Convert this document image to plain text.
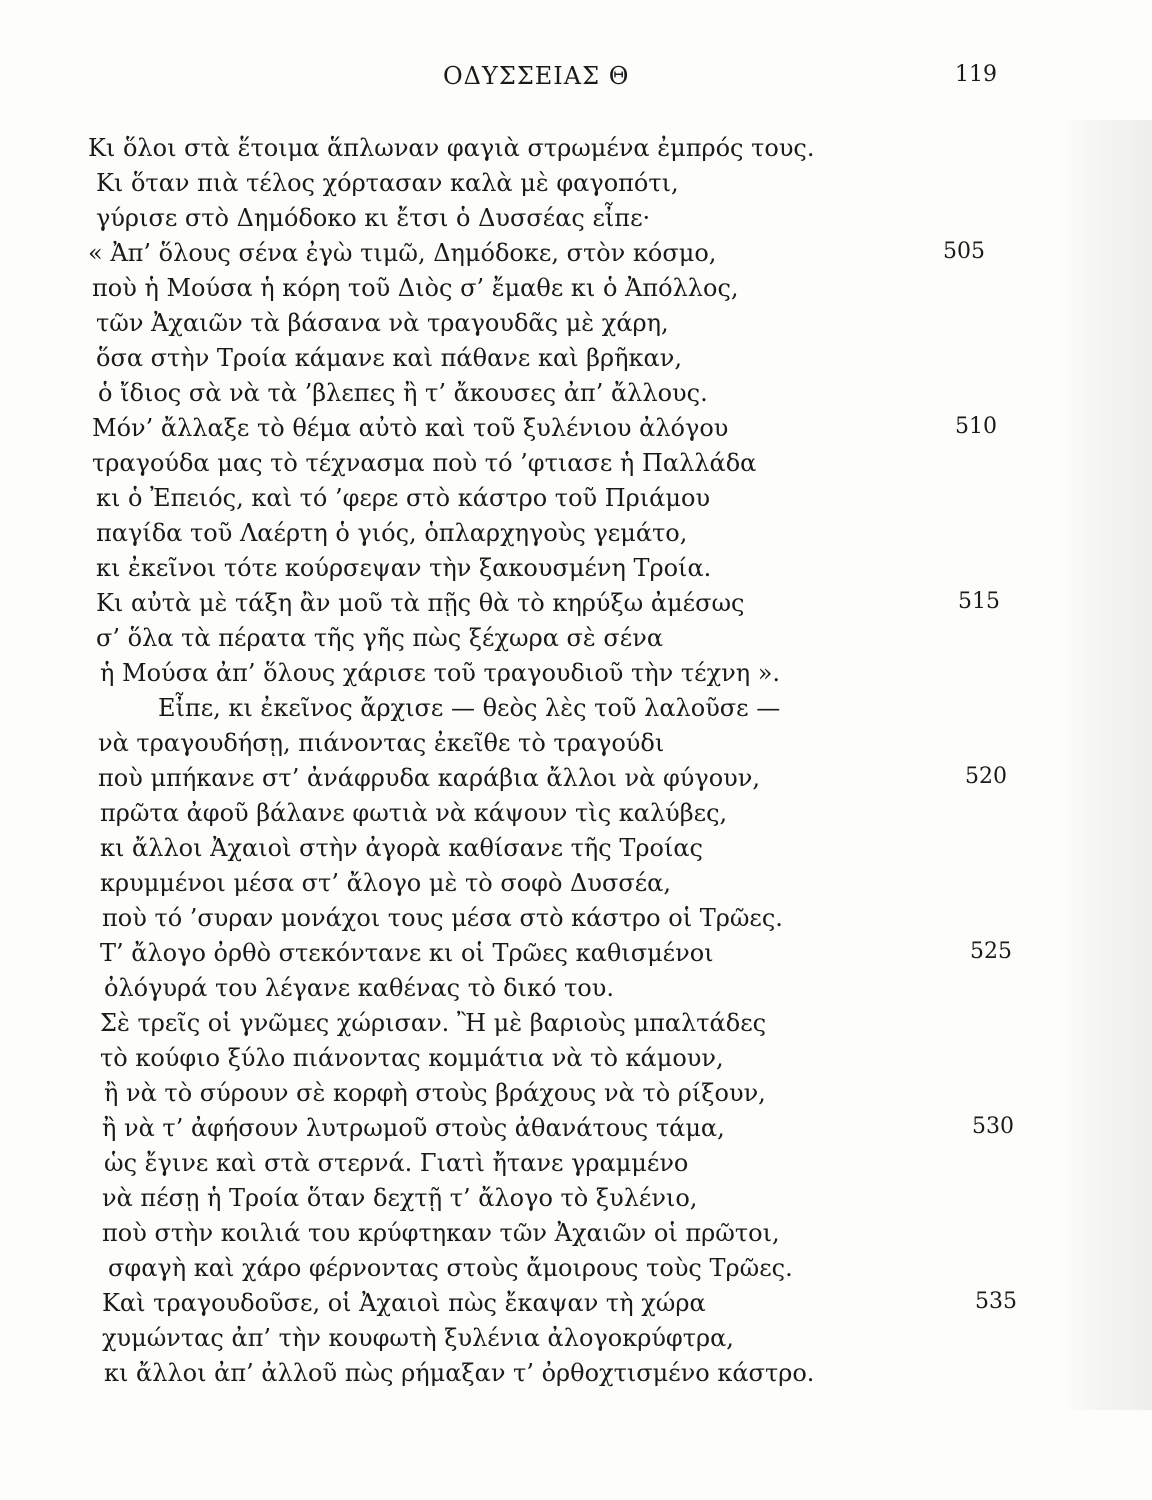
ΟΔΥΣΣΕΙΑΣ Θ	119
Κι ὅλοι στὰ ἕτοιμα ἅπλωναν φαγιὰ στρωμένα ἐμπρός τους.
Κι ὅταν πιὰ τέλος χόρτασαν καλὰ μὲ φαγοπότι,
γύρισε στὸ Δημόδοκο κι ἔτσι ὁ Δυσσέας εἶπε·
« Ἀπ’ ὅλους σένα ἐγὼ τιμῶ, Δημόδοκε, στὸν κόσμο,	505
ποὺ ἡ Μούσα ἡ κόρη τοῦ Διὸς σ’ ἔμαθε κι ὁ Ἀπόλλος,
τῶν Ἀχαιῶν τὰ βάσανα νὰ τραγουδᾶς μὲ χάρη,
ὅσα στὴν Τροία κάμανε καὶ πάθανε καὶ βρῆκαν,
ὁ ἴδιος σὰ νὰ τὰ ’βλεπες ἢ τ’ ἄκουσες ἀπ’ ἄλλους.
Μόν’ ἄλλαξε τὸ θέμα αὐτὸ καὶ τοῦ ξυλένιου ἀλόγου	510
τραγούδα μας τὸ τέχνασμα ποὺ τό ’φτιασε ἡ Παλλάδα
κι ὁ Ἐπειός, καὶ τό ’φερε στὸ κάστρο τοῦ Πριάμου
παγίδα τοῦ Λαέρτη ὁ γιός, ὁπλαρχηγοὺς γεμάτο,
κι ἐκεῖνοι τότε κούρσεψαν τὴν ξακουσμένη Τροία.
Κι αὐτὰ μὲ τάξη ἂν μοῦ τὰ πῇς θὰ τὸ κηρύξω ἀμέσως	515
σ’ ὅλα τὰ πέρατα τῆς γῆς πὼς ξέχωρα σὲ σένα
ἡ Μούσα ἀπ’ ὅλους χάρισε τοῦ τραγουδιοῦ τὴν τέχνη ».
Εἶπε, κι ἐκεῖνος ἄρχισε — θεὸς λὲς τοῦ λαλοῦσε —
νὰ τραγουδήσῃ, πιάνοντας ἐκεῖθε τὸ τραγούδι
ποὺ μπήκανε στ’ ἀνάφρυδα καράβια ἄλλοι νὰ φύγουν,	520
πρῶτα ἀφοῦ βάλανε φωτιὰ νὰ κάψουν τὶς καλύβες,
κι ἄλλοι Ἀχαιοὶ στὴν ἀγορὰ καθίσανε τῆς Τροίας
κρυμμένοι μέσα στ’ ἄλογο μὲ τὸ σοφὸ Δυσσέα,
ποὺ τό ’συραν μονάχοι τους μέσα στὸ κάστρο οἱ Τρῶες.
Τ’ ἄλογο ὀρθὸ στεκόντανε κι οἱ Τρῶες καθισμένοι	525
ὀλόγυρά του λέγανε καθένας τὸ δικό του.
Σὲ τρεῖς οἱ γνῶμες χώρισαν. Ἢ μὲ βαριοὺς μπαλτάδες
τὸ κούφιο ξύλο πιάνοντας κομμάτια νὰ τὸ κάμουν,
ἢ νὰ τὸ σύρουν σὲ κορφὴ στοὺς βράχους νὰ τὸ ρίξουν,
ἢ νὰ τ’ ἀφήσουν λυτρωμοῦ στοὺς ἀθανάτους τάμα,	530
ὡς ἔγινε καὶ στὰ στερνά. Γιατὶ ἤτανε γραμμένο
νὰ πέσῃ ἡ Τροία ὅταν δεχτῇ τ’ ἄλογο τὸ ξυλένιο,
ποὺ στὴν κοιλιά του κρύφτηκαν τῶν Ἀχαιῶν οἱ πρῶτοι,
σφαγὴ καὶ χάρο φέρνοντας στοὺς ἄμοιρους τοὺς Τρῶες.
Καὶ τραγουδοῦσε, οἱ Ἀχαιοὶ πὼς ἔκαψαν τὴ χώρα	535
χυμώντας ἀπ’ τὴν κουφωτὴ ξυλένια ἀλογοκρύφτρα,
κι ἄλλοι ἀπ’ ἀλλοῦ πὼς ρήμαξαν τ’ ὀρθοχτισμένο κάστρο.
